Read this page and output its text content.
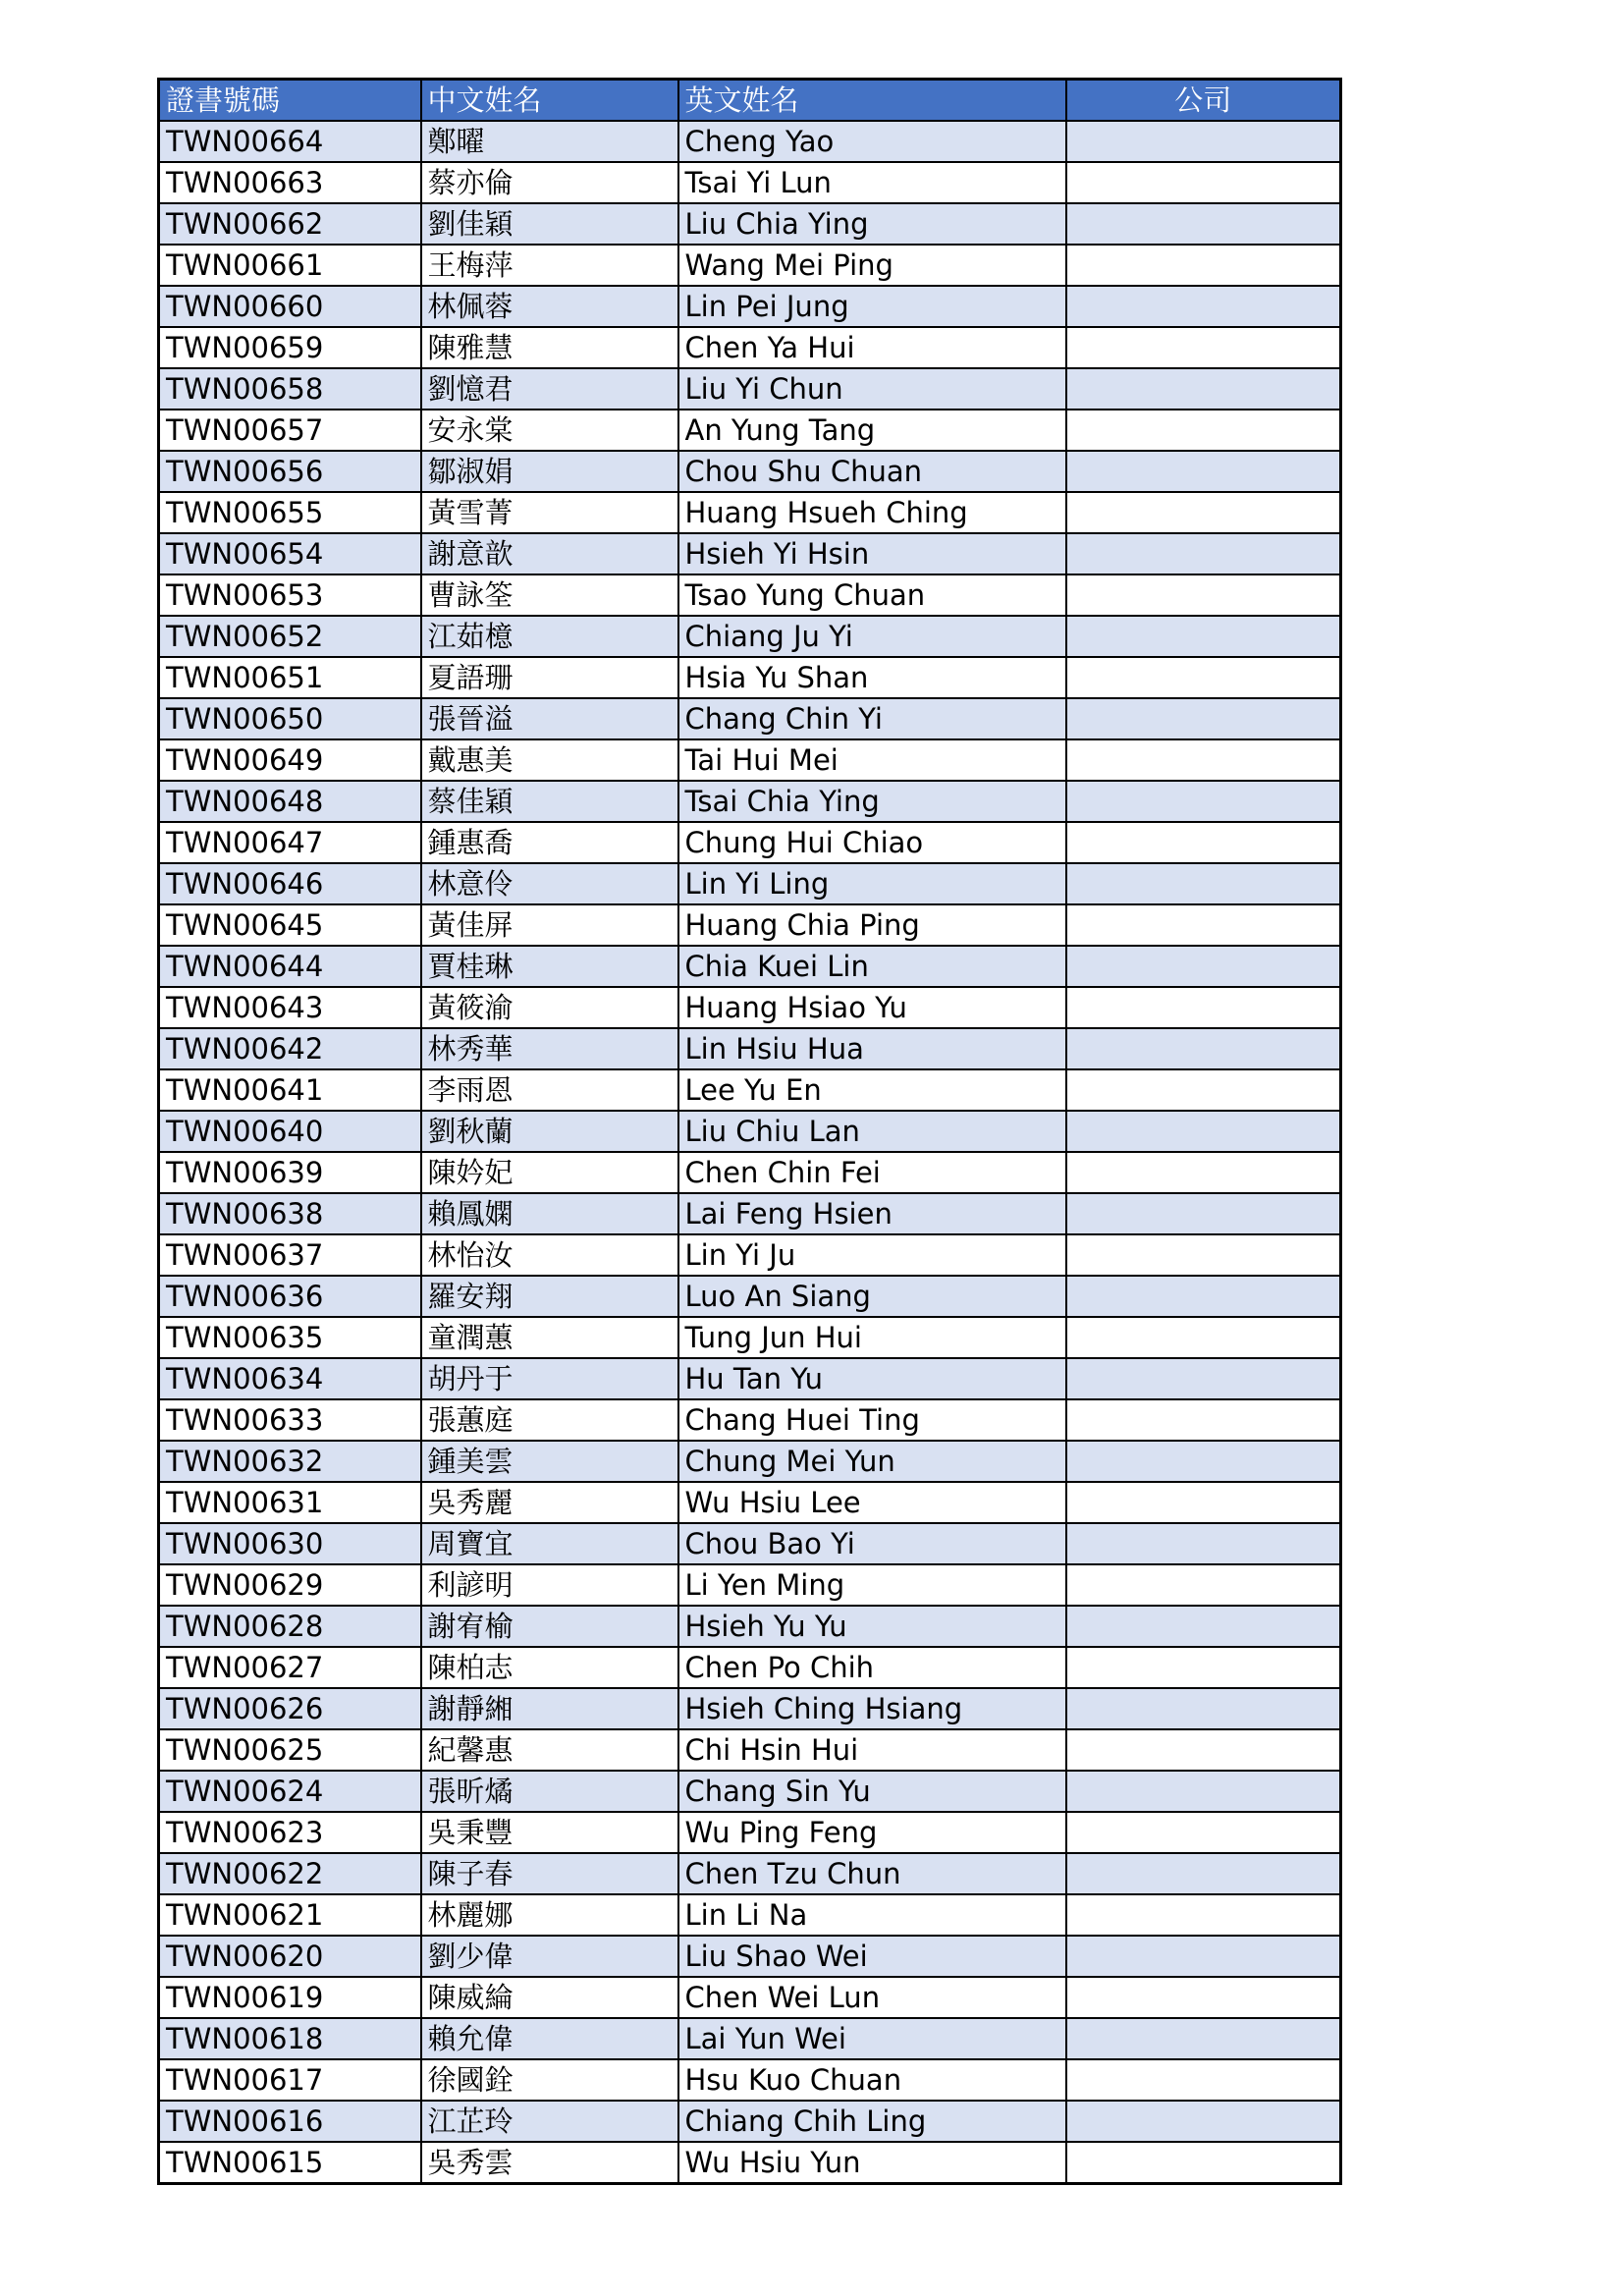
證書號碼	中文姓名	英文姓名	公司
TWN00664	鄭曜	Cheng Yao	
TWN00663	蔡亦倫	Tsai Yi Lun	
TWN00662	劉佳穎	Liu Chia Ying	
TWN00661	王梅萍	Wang Mei Ping	
TWN00660	林佩蓉	Lin Pei Jung	
TWN00659	陳雅慧	Chen Ya Hui	
TWN00658	劉憶君	Liu Yi Chun	
TWN00657	安永棠	An Yung Tang	
TWN00656	鄒淑娟	Chou Shu Chuan	
TWN00655	黃雪菁	Huang Hsueh Ching	
TWN00654	謝意歆	Hsieh Yi Hsin	
TWN00653	曹詠筌	Tsao Yung Chuan	
TWN00652	江茹檍	Chiang Ju Yi	
TWN00651	夏語珊	Hsia Yu Shan	
TWN00650	張晉溢	Chang Chin Yi	
TWN00649	戴惠美	Tai Hui Mei	
TWN00648	蔡佳穎	Tsai Chia Ying	
TWN00647	鍾惠喬	Chung Hui Chiao	
TWN00646	林意伶	Lin Yi Ling	
TWN00645	黃佳屏	Huang Chia Ping	
TWN00644	賈桂琳	Chia Kuei Lin	
TWN00643	黃筱渝	Huang Hsiao Yu	
TWN00642	林秀華	Lin Hsiu Hua	
TWN00641	李雨恩	Lee Yu En	
TWN00640	劉秋蘭	Liu Chiu Lan	
TWN00639	陳妗妃	Chen Chin Fei	
TWN00638	賴鳳嫻	Lai Feng Hsien	
TWN00637	林怡汝	Lin Yi Ju	
TWN00636	羅安翔	Luo An Siang	
TWN00635	童潤蕙	Tung Jun Hui	
TWN00634	胡丹于	Hu Tan Yu	
TWN00633	張蕙庭	Chang Huei Ting	
TWN00632	鍾美雲	Chung Mei Yun	
TWN00631	吳秀麗	Wu Hsiu Lee	
TWN00630	周寶宜	Chou Bao Yi	
TWN00629	利諺明	Li Yen Ming	
TWN00628	謝宥榆	Hsieh Yu Yu	
TWN00627	陳柏志	Chen Po Chih	
TWN00626	謝靜緗	Hsieh Ching Hsiang	
TWN00625	紀馨惠	Chi Hsin Hui	
TWN00624	張昕燏	Chang Sin Yu	
TWN00623	吳秉豐	Wu Ping Feng	
TWN00622	陳子春	Chen Tzu Chun	
TWN00621	林麗娜	Lin Li Na	
TWN00620	劉少偉	Liu Shao Wei	
TWN00619	陳威綸	Chen Wei Lun	
TWN00618	賴允偉	Lai Yun Wei	
TWN00617	徐國銓	Hsu Kuo Chuan	
TWN00616	江芷玲	Chiang Chih Ling	
TWN00615	吳秀雲	Wu Hsiu Yun	
